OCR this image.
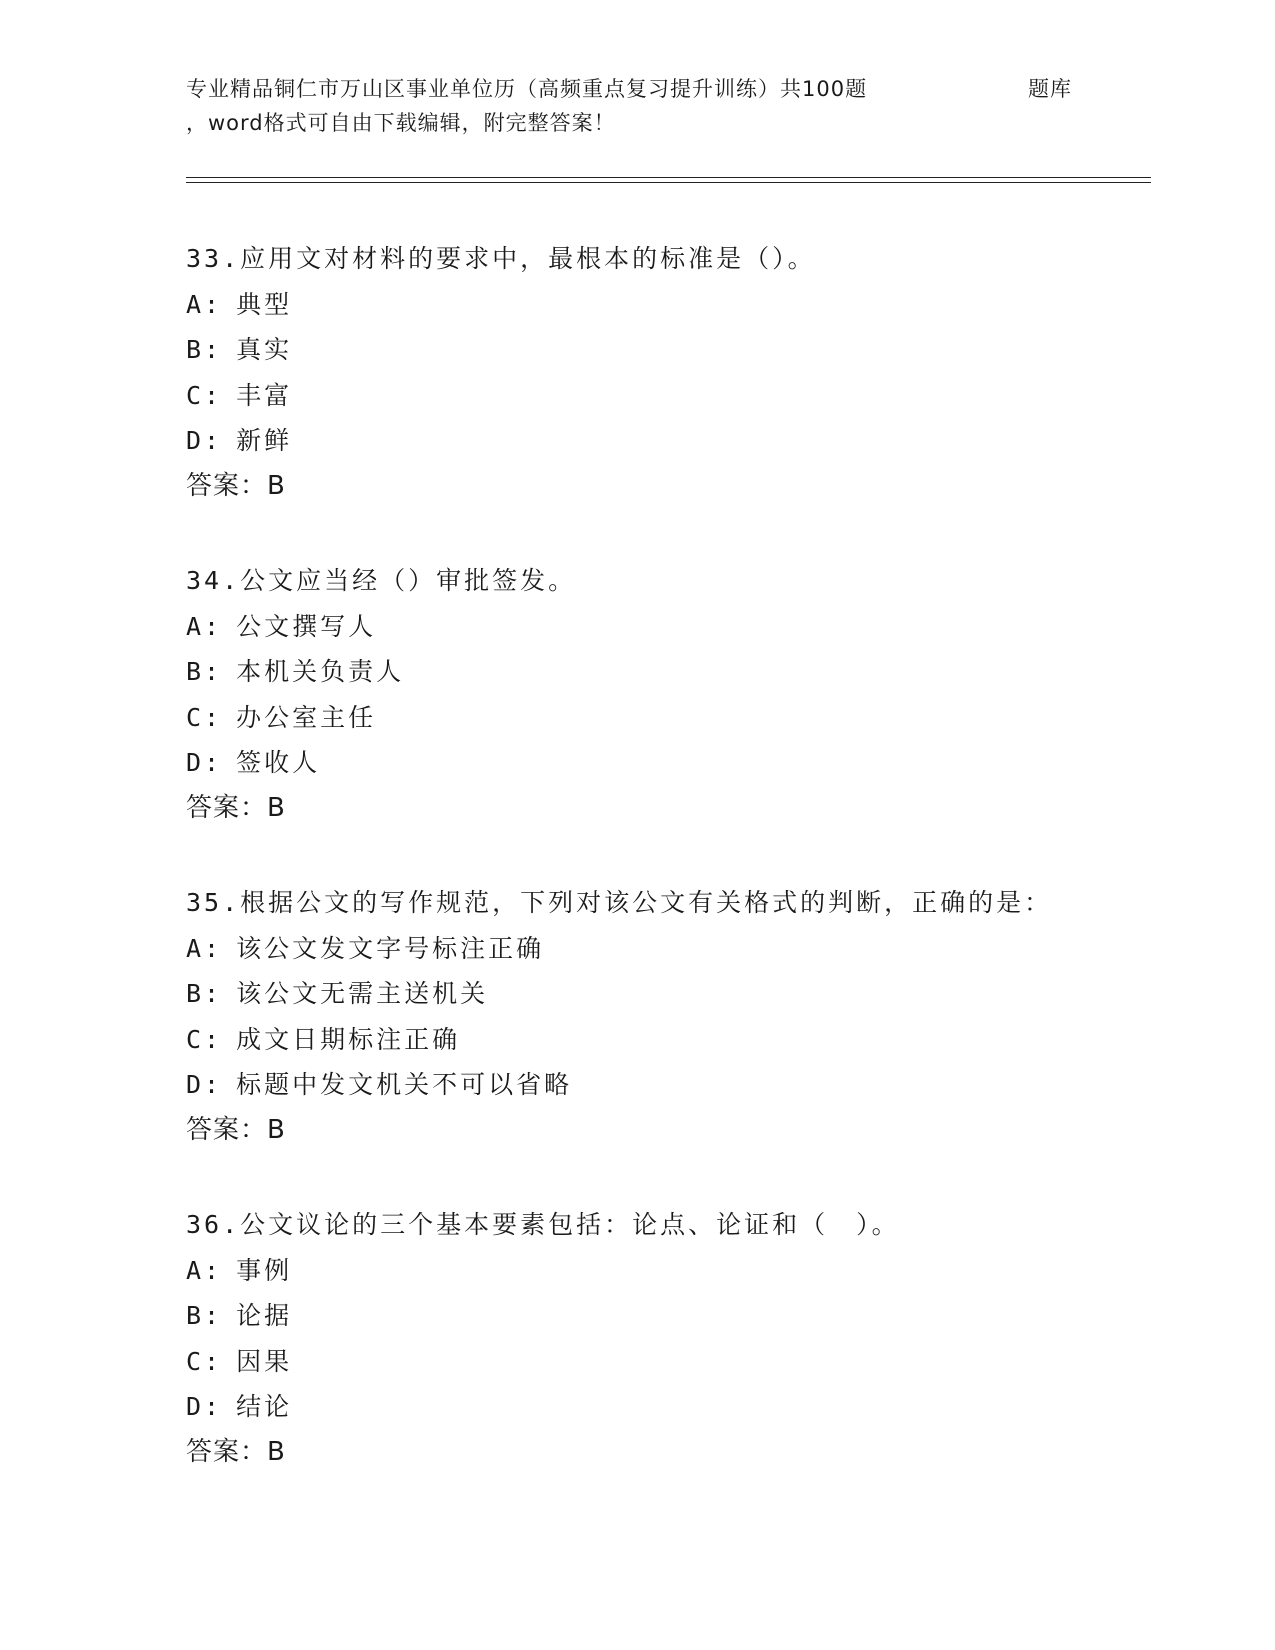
专业精品铜仁市万山区事业单位历（高频重点复习提升训练）共100题	题库
，word格式可自由下载编辑，附完整答案！
33.应用文对材料的要求中，最根本的标准是（）。
A: 典型
B: 真实
C: 丰富
D: 新鲜
答案：B
34.公文应当经（）审批签发。
A: 公文撰写人
B: 本机关负责人
C: 办公室主任
D: 签收人
答案：B
35.根据公文的写作规范，下列对该公文有关格式的判断，正确的是：
A: 该公文发文字号标注正确
B: 该公文无需主送机关
C: 成文日期标注正确
D: 标题中发文机关不可以省略
答案：B
36.公文议论的三个基本要素包括：论点、论证和（　）。
A: 事例
B: 论据
C: 因果
D: 结论
答案：B
